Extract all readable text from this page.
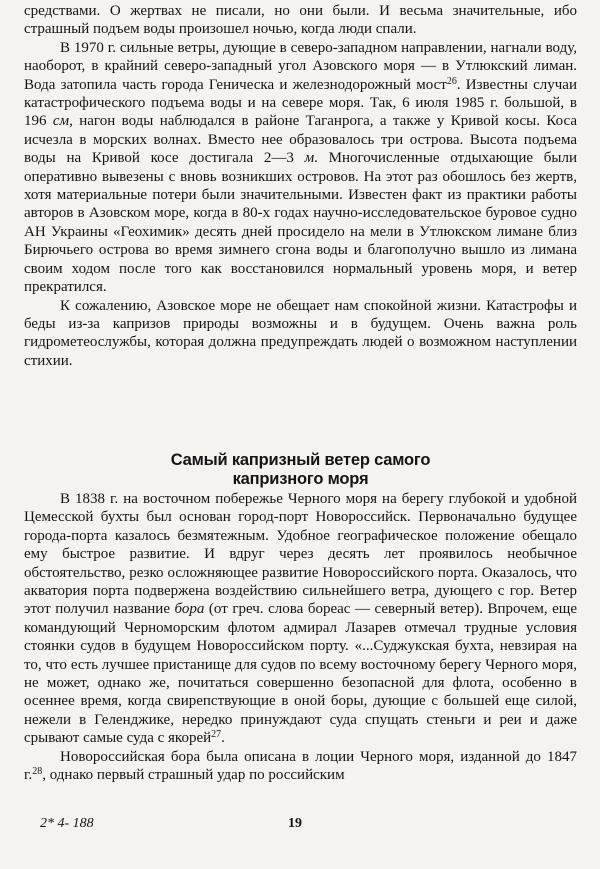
средствами. О жертвах не писали, но они были. И весьма значительные, ибо страшный подъем воды произошел ночью, когда люди спали.

В 1970 г. сильные ветры, дующие в северо-западном направлении, нагнали воду, наоборот, в крайний северо-западный угол Азовского моря — в Утлюкский лиман. Вода затопила часть города Геническа и железнодорожный мост$^{26}$. Известны случаи катастрофического подъема воды и на севере моря. Так, 6 июля 1985 г. большой, в 196 см, нагон воды наблюдался в районе Таганрога, а также у Кривой косы. Коса исчезла в морских волнах. Вместо нее образовалось три острова. Высота подъема воды на Кривой косе достигала 2—3 м. Многочисленные отдыхающие были оперативно вывезены с вновь возникших островов. На этот раз обошлось без жертв, хотя материальные потери были значительными. Известен факт из практики работы авторов в Азовском море, когда в 80-х годах научно-исследовательское буровое судно АН Украины «Геохимик» десять дней просидело на мели в Утлюкском лимане близ Бирючьего острова во время зимнего сгона воды и благополучно вышло из лимана своим ходом после того как восстановился нормальный уровень моря, и ветер прекратился.

К сожалению, Азовское море не обещает нам спокойной жизни. Катастрофы и беды из-за капризов природы возможны и в будущем. Очень важна роль гидрометеослужбы, которая должна предупреждать людей о возможном наступлении стихии.

Самый капризный ветер самого
капризного моря

В 1838 г. на восточном побережье Черного моря на берегу глубокой и удобной Цемесской бухты был основан город-порт Новороссийск. Первоначально будущее города-порта казалось безмятежным. Удобное географическое положение обещало ему быстрое развитие. И вдруг через десять лет проявилось необычное обстоятельство, резко осложняющее развитие Новороссийского порта. Оказалось, что акватория порта подвержена воздействию сильнейшего ветра, дующего с гор. Ветер этот получил название бора (от греч. слова борeaс — северный ветер). Впрочем, еще командующий Черноморским флотом адмирал Лазарев отмечал трудные условия стоянки судов в будущем Новороссийском порту. «...Суджукская бухта, невзирая на то, что есть лучшее пристанище для судов по всему восточному берегу Черного моря, не может, однако же, почитаться совершенно безопасной для флота, особенно в осеннее время, когда свирепствующие в оной боры, дующие с большей еще силой, нежели в Геленджике, нередко принуждают суда спущать стеньги и реи и даже срывают самые суда с якорей$^{27}$.

Новороссийская бора была описана в лоции Черного моря, изданной до 1847 г.$^{28}$, однако первый страшный удар по российским

2* 4- 188	19
